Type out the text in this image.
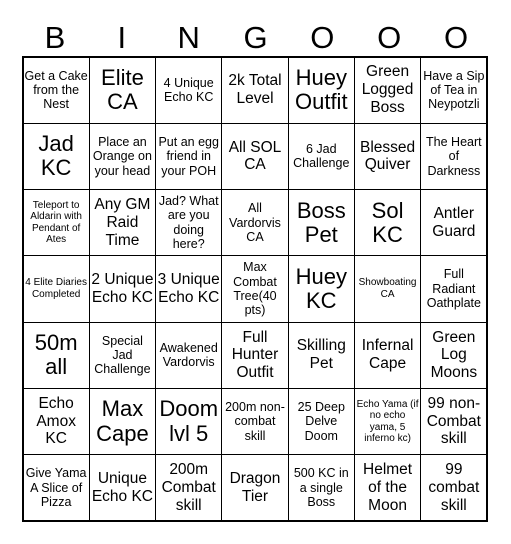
B	I	N	G	O	O	O
Get a Cake from the Nest
Elite CA
4 Unique Echo KC
2k Total Level
Huey Outfit
Green Logged Boss
Have a Sip of Tea in Neypotzli
Jad KC
Place an Orange on your head
Put an egg friend in your POH
All SOL CA
6 Jad Challenge
Blessed Quiver
The Heart of Darkness
Teleport to Aldarin with Pendant of Ates
Any GM Raid Time
Jad? What are you doing here?
All Vardorvis CA
Boss Pet
Sol KC
Antler Guard
4 Elite Diaries Completed
2 Unique Echo KC
3 Unique Echo KC
Max Combat Tree(40 pts)
Huey KC
Showboating CA
Full Radiant Oathplate
50m all
Special Jad Challenge
Awakened Vardorvis
Full Hunter Outfit
Skilling Pet
Infernal Cape
Green Log Moons
Echo Amox KC
Max Cape
Doom lvl 5
200m non-combat skill
25 Deep Delve Doom
Echo Yama (if no echo yama, 5 inferno kc)
99 non-Combat skill
Give Yama A Slice of Pizza
Unique Echo KC
200m Combat skill
Dragon Tier
500 KC in a single Boss
Helmet of the Moon
99 combat skill
